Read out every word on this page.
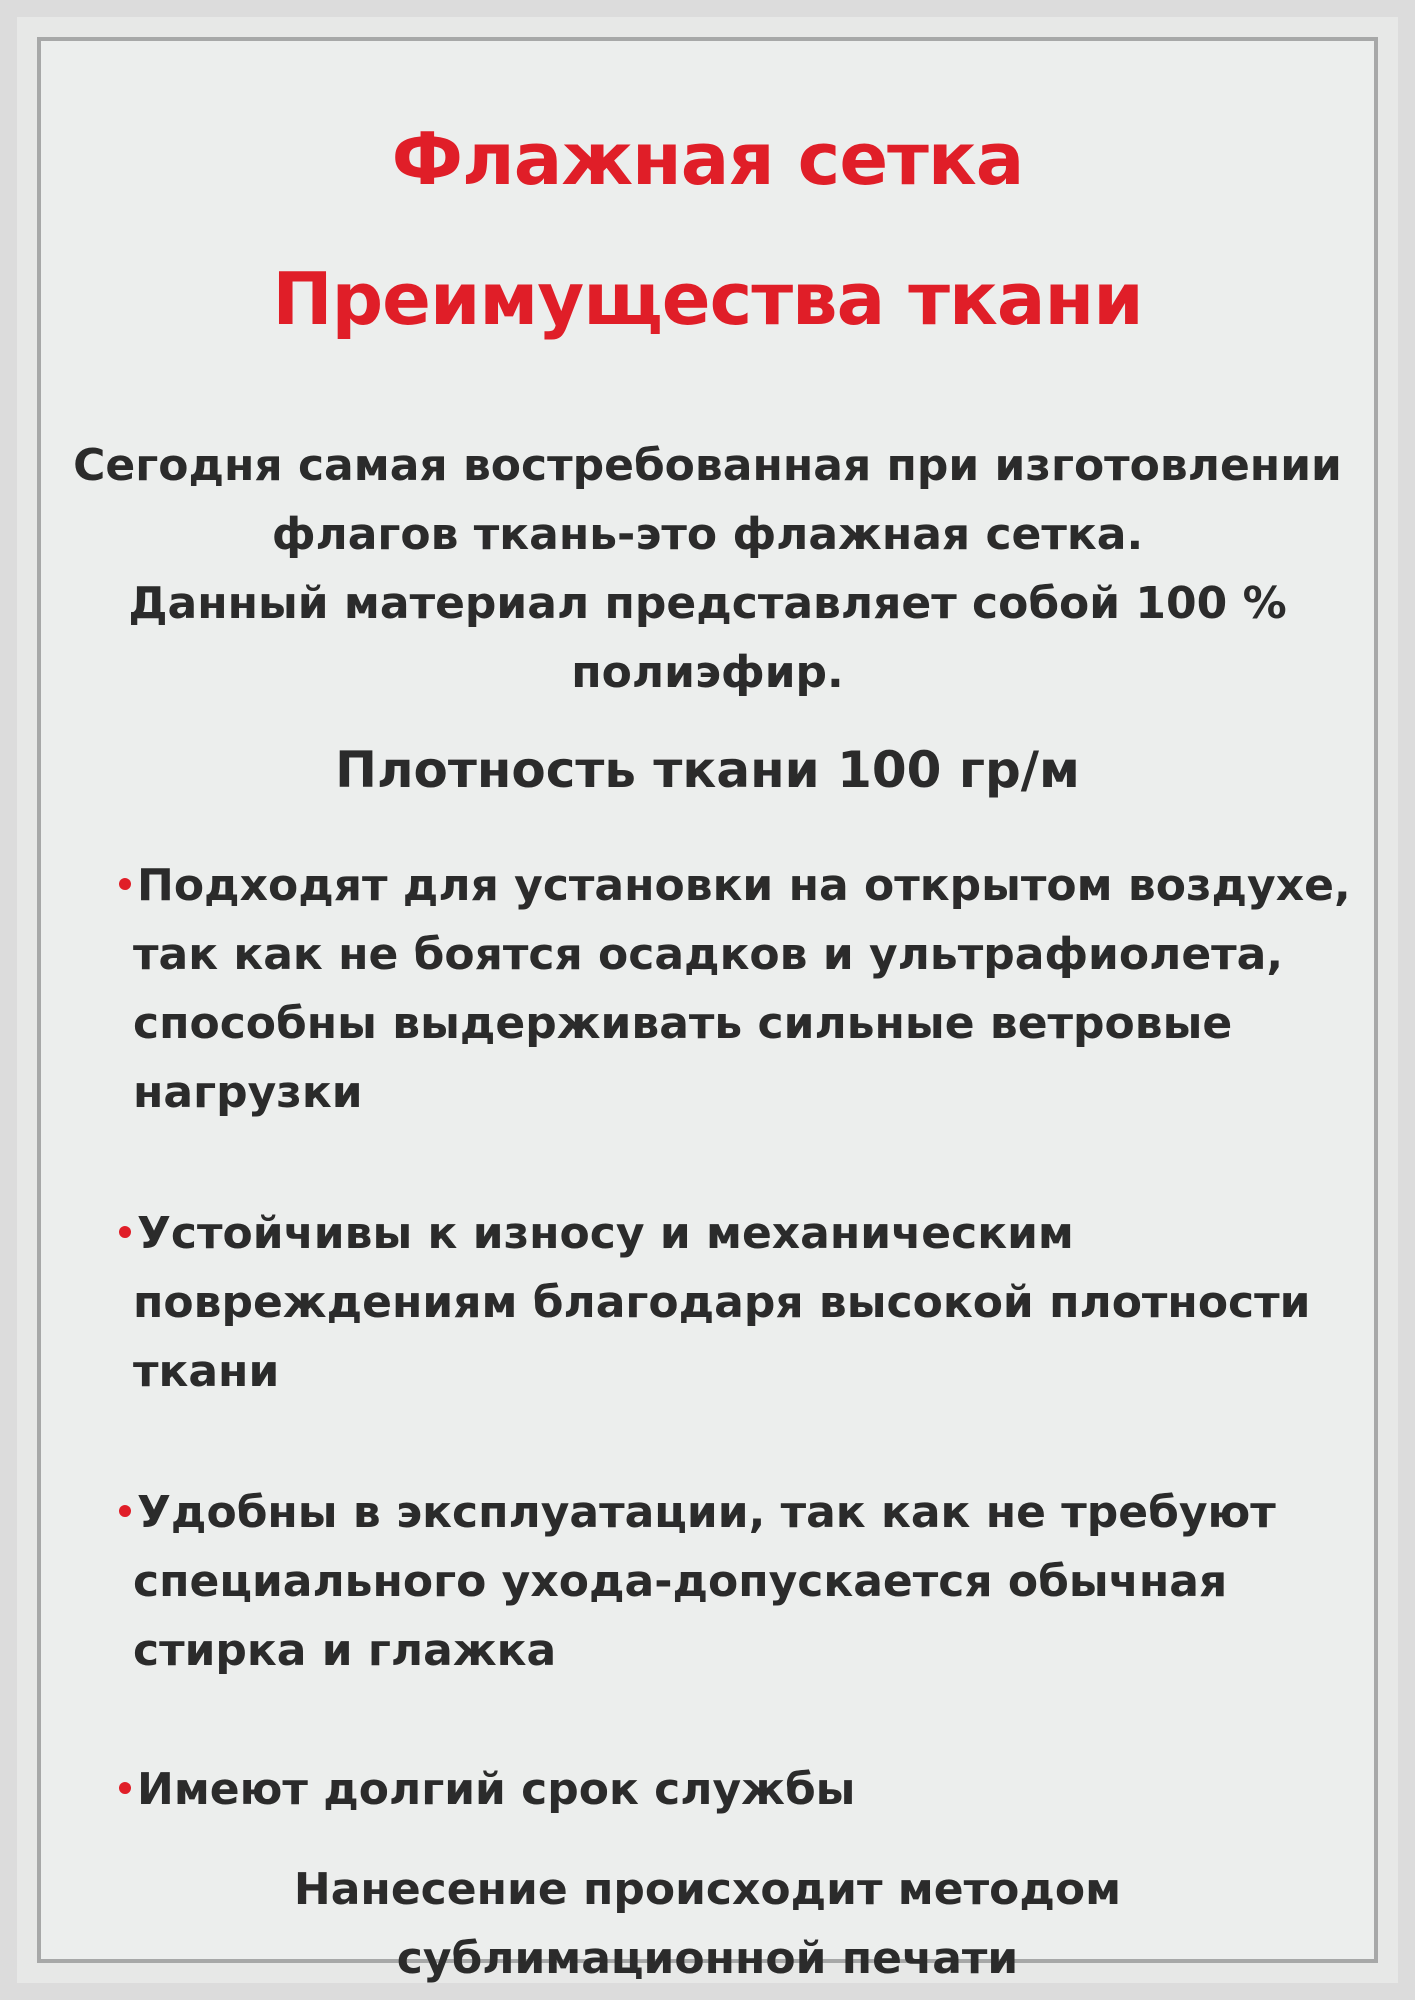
Флажная сетка
Преимущества ткани
Сегодня самая востребованная при изготовлении
флагов ткань-это флажная сетка.
Данный материал представляет собой 100 %
полиэфир.
Плотность ткани 100 гр/м
Подходят для установки на открытом воздухе,
так как не боятся осадков и ультрафиолета,
способны выдерживать сильные ветровые
нагрузки
Устойчивы к износу и механическим
повреждениям благодаря высокой плотности
ткани
Удобны в эксплуатации, так как не требуют
специального ухода-допускается обычная
стирка и глажка
Имеют долгий срок службы
Нанесение происходит методом
сублимационной печати
